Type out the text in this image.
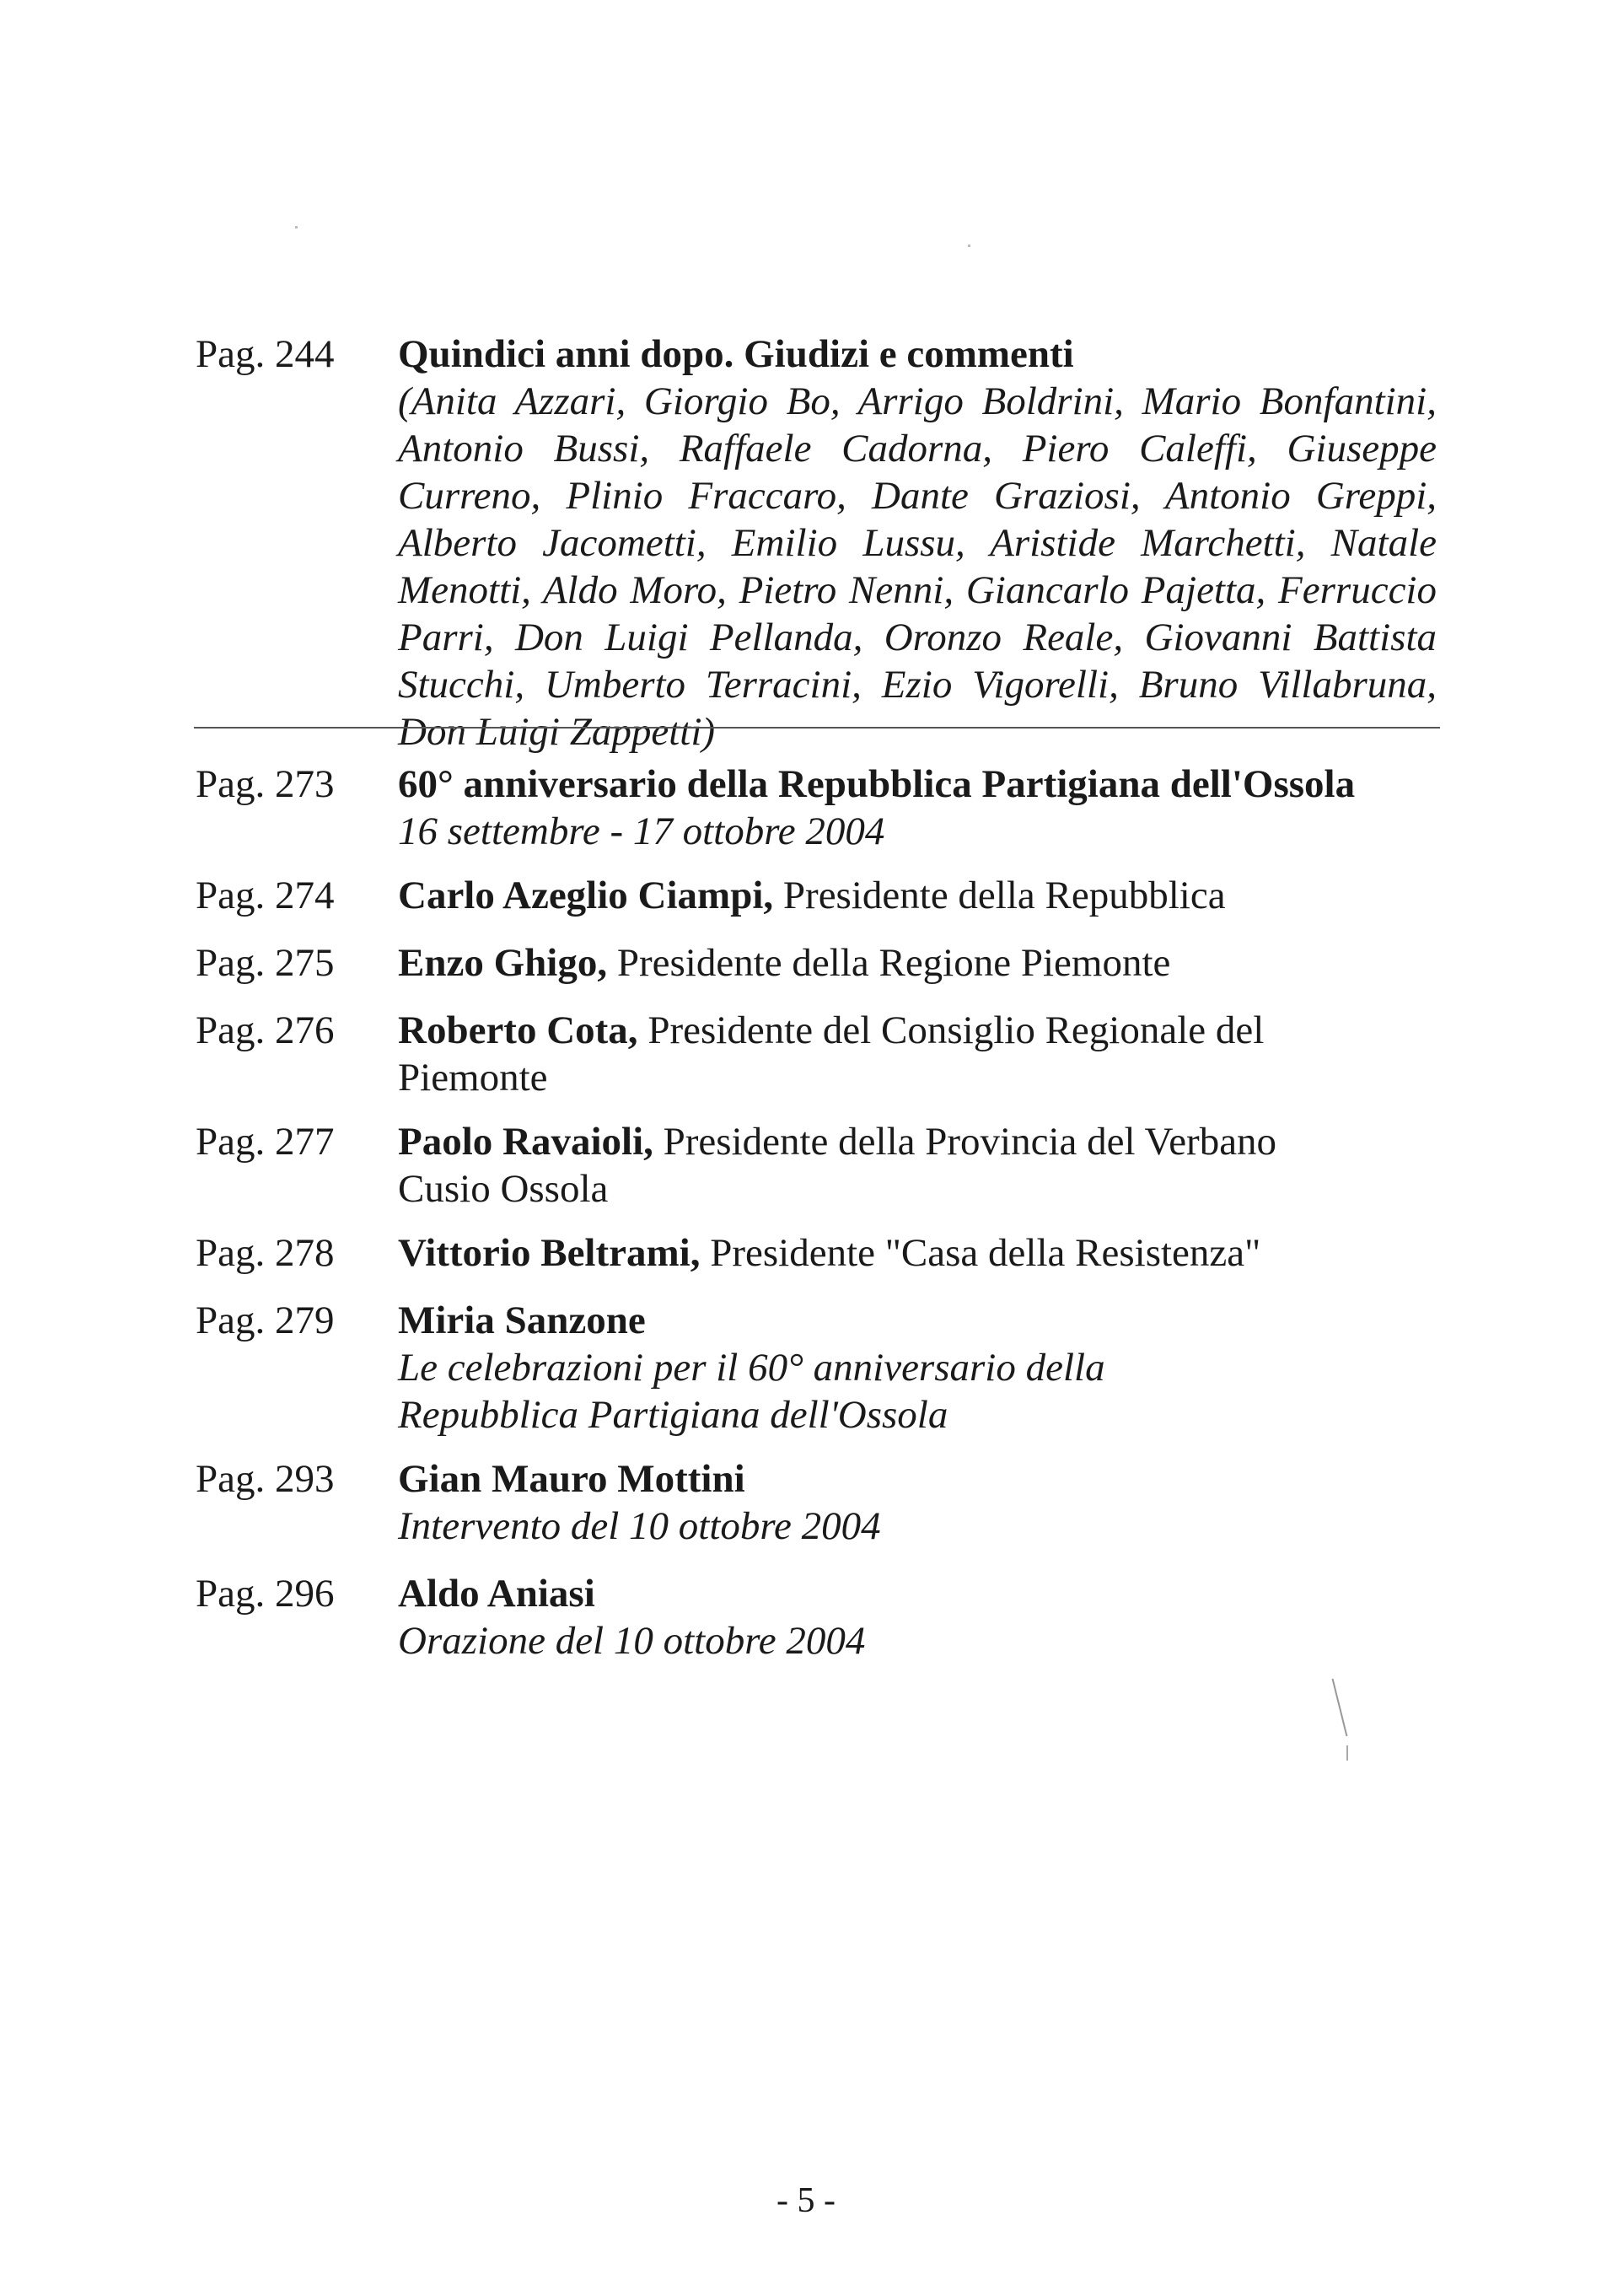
Pag. 244 Quindici anni dopo. Giudizi e commenti
(Anita Azzari, Giorgio Bo, Arrigo Boldrini, Mario Bonfantini, Antonio Bussi, Raffaele Cadorna, Piero Caleffi, Giuseppe Curreno, Plinio Fraccaro, Dante Graziosi, Antonio Greppi, Alberto Jacometti, Emilio Lussu, Aristide Marchetti, Natale Menotti, Aldo Moro, Pietro Nenni, Giancarlo Pajetta, Ferruccio Parri, Don Luigi Pellanda, Oronzo Reale, Giovanni Battista Stucchi, Umberto Terracini, Ezio Vigorelli, Bruno Villabruna, Don Luigi Zappetti)
Pag. 273 60° anniversario della Repubblica Partigiana dell'Ossola
16 settembre - 17 ottobre 2004
Pag. 274 Carlo Azeglio Ciampi, Presidente della Repubblica
Pag. 275 Enzo Ghigo, Presidente della Regione Piemonte
Pag. 276 Roberto Cota, Presidente del Consiglio Regionale del Piemonte
Pag. 277 Paolo Ravaioli, Presidente della Provincia del Verbano Cusio Ossola
Pag. 278 Vittorio Beltrami, Presidente "Casa della Resistenza"
Pag. 279 Miria Sanzone
Le celebrazioni per il 60° anniversario della Repubblica Partigiana dell'Ossola
Pag. 293 Gian Mauro Mottini
Intervento del 10 ottobre 2004
Pag. 296 Aldo Aniasi
Orazione del 10 ottobre 2004
- 5 -
